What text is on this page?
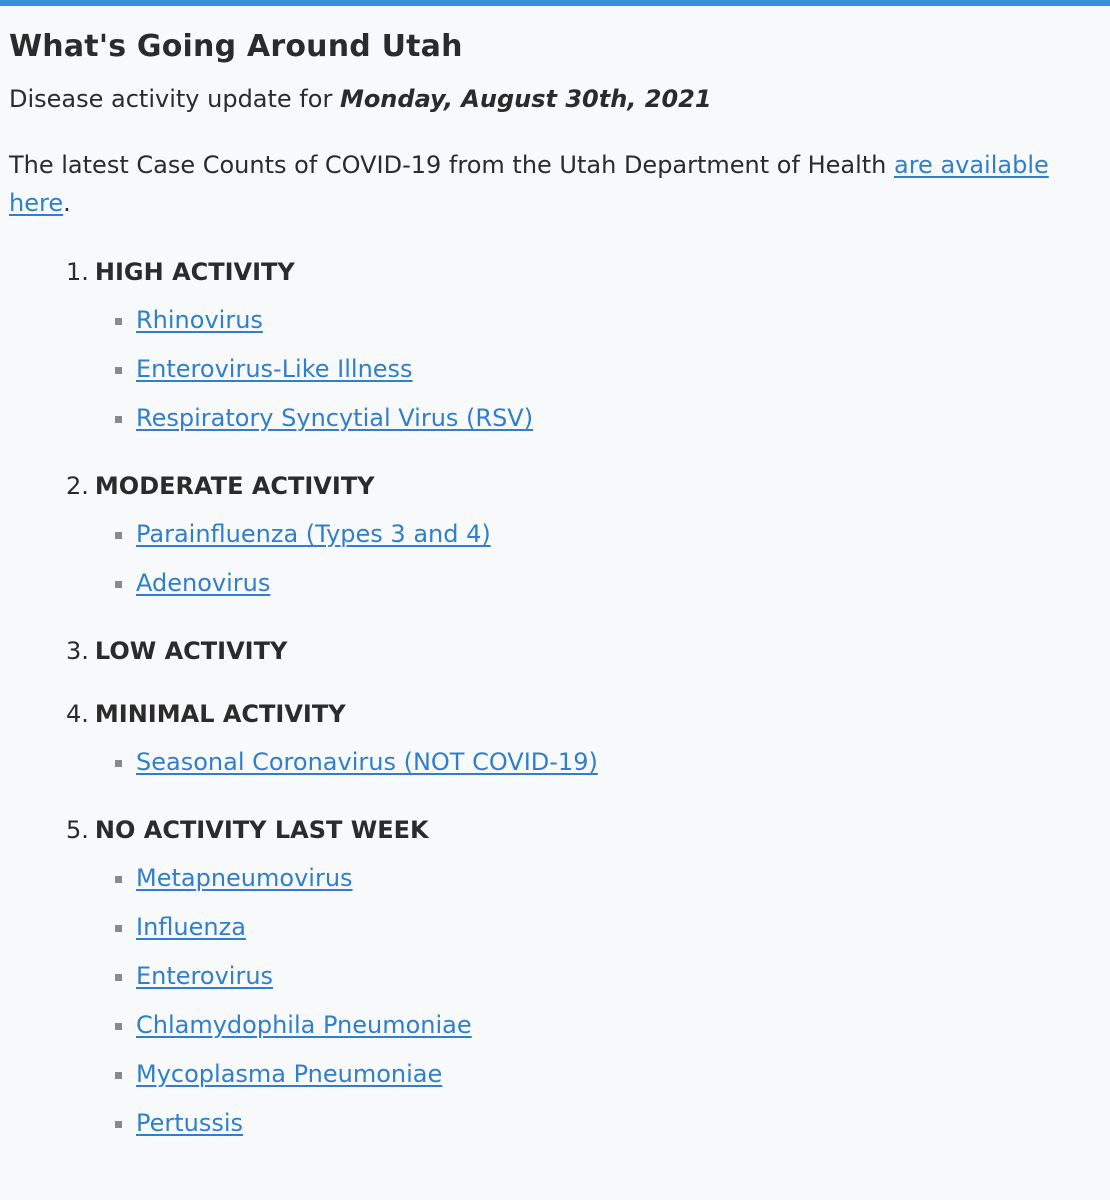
What's Going Around Utah

Disease activity update for Monday, August 30th, 2021

The latest Case Counts of COVID-19 from the Utah Department of Health are available here.

1. HIGH ACTIVITY
Rhinovirus
Enterovirus-Like Illness
Respiratory Syncytial Virus (RSV)
2. MODERATE ACTIVITY
Parainfluenza (Types 3 and 4)
Adenovirus
3. LOW ACTIVITY
4. MINIMAL ACTIVITY
Seasonal Coronavirus (NOT COVID-19)
5. NO ACTIVITY LAST WEEK
Metapneumovirus
Influenza
Enterovirus
Chlamydophila Pneumoniae
Mycoplasma Pneumoniae
Pertussis
